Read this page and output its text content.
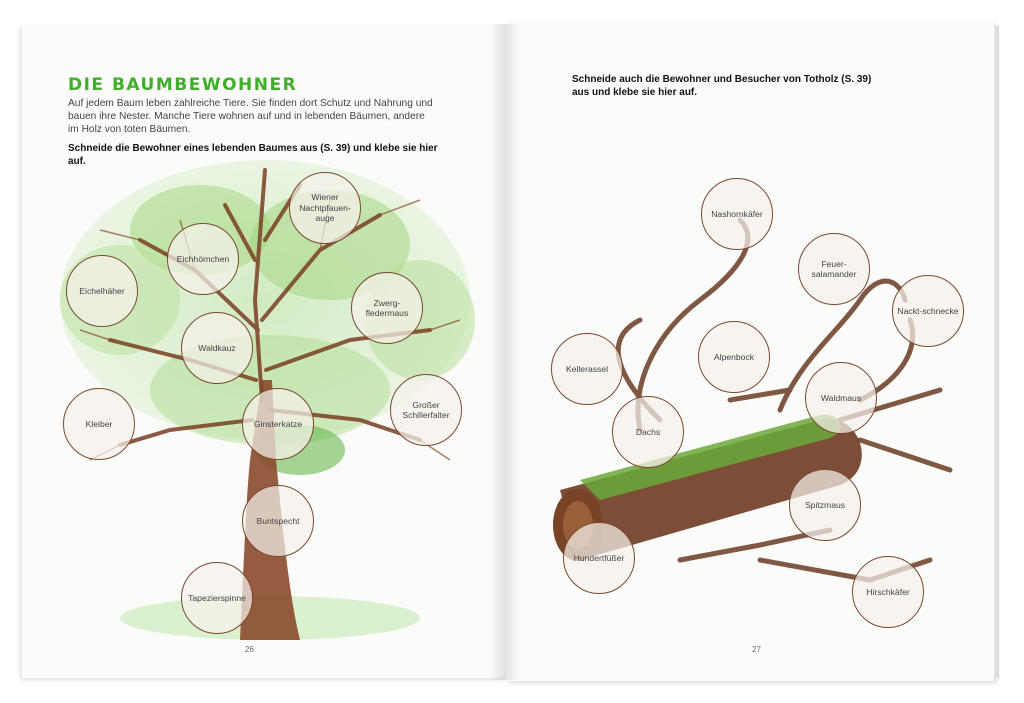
DIE BAUMBEWOHNER
Auf jedem Baum leben zahlreiche Tiere. Sie finden dort Schutz und Nahrung und bauen ihre Nester. Manche Tiere wohnen auf und in lebenden Bäumen, andere im Holz von toten Bäumen.
Schneide die Bewohner eines lebenden Baumes aus (S. 39) und klebe sie hier auf.
Schneide auch die Bewohner und Besucher von Totholz (S. 39) aus und klebe sie hier auf.
Wiener Nachtpfauen-auge
Eichhörnchen
Eichelhäher
Zwerg-fledermaus
Waldkauz
Großer Schillerfalter
Kleiber	Ginsterkatze
Buntspecht
Tapezierspinne
Nashornkäfer
Feuer-salamander
Nackt-schnecke
Alpenbock
Kellerassel
Waldmaus
Dachs
Spitzmaus
Hundertfüßer
Hirschkäfer
26	27
